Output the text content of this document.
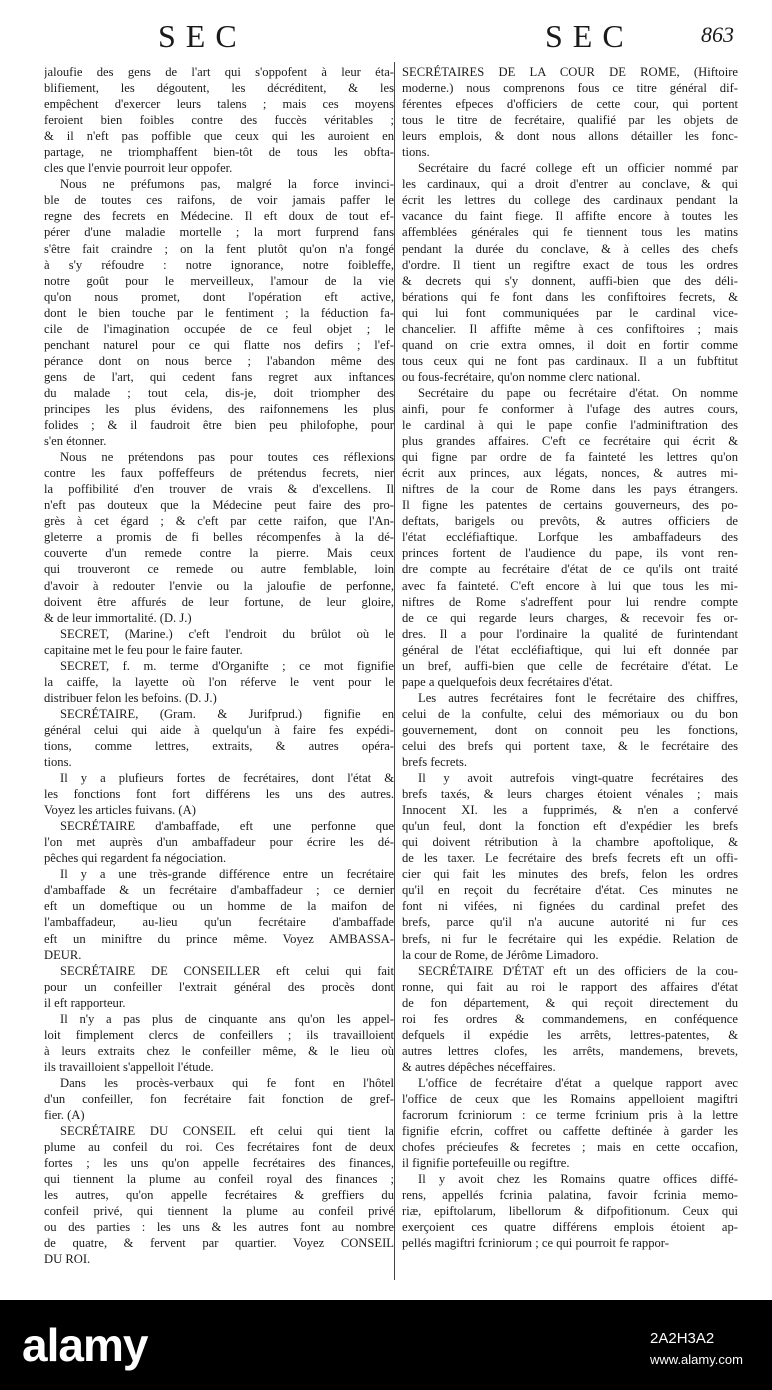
SEC	SEC	863

jaloufie des gens de l'art qui s'oppofent à leur éta-
blifiement, les dégoutent, les décréditent, & les
empêchent d'exercer leurs talens ; mais ces moyens
feroient bien foibles contre des fuccès véritables ;
& il n'eft pas poffible que ceux qui les auroient en
partage, ne triomphaffent bien-tôt de tous les obfta-
cles que l'envie pourroit leur oppofer.

Nous ne préfumons pas, malgré la force invinci-
ble de toutes ces raifons, de voir jamais paffer le
regne des fecrets en Médecine. Il eft doux de tout ef-
pérer d'une maladie mortelle ; la mort furprend fans
s'être fait craindre ; on la fent plutôt qu'on n'a fongé
à s'y réfoudre : notre ignorance, notre foibleffe,
notre goût pour le merveilleux, l'amour de la vie
qu'on nous promet, dont l'opération eft active,
dont le bien touche par le fentiment ; la féduction fa-
cile de l'imagination occupée de ce feul objet ; le
penchant naturel pour ce qui flatte nos defirs ; l'ef-
pérance dont on nous berce ; l'abandon même des
gens de l'art, qui cedent fans regret aux inftances
du malade ; tout cela, dis-je, doit triompher des
principes les plus évidens, des raifonnemens les plus
folides ; & il faudroit être bien peu philofophe, pour
s'en étonner.

Nous ne prétendons pas pour toutes ces réflexions
contre les faux poffeffeurs de prétendus fecrets, nier
la poffibilité d'en trouver de vrais & d'excellens. Il
n'eft pas douteux que la Médecine peut faire des pro-
grès à cet égard ; & c'eft par cette raifon, que l'An-
gleterre a promis de fi belles récompenfes à la dé-
couverte d'un remede contre la pierre. Mais ceux
qui trouveront ce remede ou autre femblable, loin
d'avoir à redouter l'envie ou la jaloufie de perfonne,
doivent être affurés de leur fortune, de leur gloire,
& de leur immortalité. (D. J.)

SECRET, (Marine.) c'eft l'endroit du brûlot où le
capitaine met le feu pour le faire fauter.

SECRET, f. m. terme d'Organifte ; ce mot fignifie
la caiffe, la layette où l'on réferve le vent pour le
distribuer felon les befoins. (D. J.)

SECRÉTAIRE, (Gram. & Jurifprud.) fignifie en
général celui qui aide à quelqu'un à faire fes expédi-
tions, comme lettres, extraits, & autres opéra-
tions.

Il y a plufieurs fortes de fecrétaires, dont l'état &
les fonctions font fort différens les uns des autres.
Voyez les articles fuivans. (A)

SECRÉTAIRE d'ambaffade, eft une perfonne que
l'on met auprès d'un ambaffadeur pour écrire les dé-
pêches qui regardent fa négociation.

Il y a une très-grande différence entre un fecrétaire
d'ambaffade & un fecrétaire d'ambaffadeur ; ce dernier
eft un domeftique ou un homme de la maifon de
l'ambaffadeur, au-lieu qu'un fecrétaire d'ambaffade
eft un miniftre du prince même. Voyez AMBASSA-
DEUR.

SECRÉTAIRE DE CONSEILLER eft celui qui fait
pour un confeiller l'extrait général des procès dont
il eft rapporteur.

Il n'y a pas plus de cinquante ans qu'on les appel-
loit fimplement clercs de confeillers ; ils travailloient
à leurs extraits chez le confeiller même, & le lieu où
ils travailloient s'appelloit l'étude.

Dans les procès-verbaux qui fe font en l'hôtel
d'un confeiller, fon fecrétaire fait fonction de gref-
fier. (A)

SECRÉTAIRE DU CONSEIL eft celui qui tient la
plume au confeil du roi. Ces fecrétaires font de deux
fortes ; les uns qu'on appelle fecrétaires des finances,
qui tiennent la plume au confeil royal des finances ;
les autres, qu'on appelle fecrétaires & greffiers du
confeil privé, qui tiennent la plume au confeil privé
ou des parties : les uns & les autres font au nombre
de quatre, & fervent par quartier. Voyez CONSEIL
DU ROI.

SECRÉTAIRES DE LA COUR DE ROME, (Hiftoire
moderne.) nous comprenons fous ce titre général dif-
férentes efpeces d'officiers de cette cour, qui portent
tous le titre de fecrétaire, qualifié par les objets de
leurs emplois, & dont nous allons détailler les fonc-
tions.

Secrétaire du facré college eft un officier nommé par
les cardinaux, qui a droit d'entrer au conclave, & qui
écrit les lettres du college des cardinaux pendant la
vacance du faint fiege. Il affifte encore à toutes les
affemblées générales qui fe tiennent tous les matins
pendant la durée du conclave, & à celles des chefs
d'ordre. Il tient un regiftre exact de tous les ordres
& decrets qui s'y donnent, auffi-bien que des déli-
bérations qui fe font dans les confiftoires fecrets, &
qui lui font communiquées par le cardinal vice-
chancelier. Il affifte même à ces confiftoires ; mais
quand on crie extra omnes, il doit en fortir comme
tous ceux qui ne font pas cardinaux. Il a un fubftitut
ou fous-fecrétaire, qu'on nomme clerc national.

Secrétaire du pape ou fecrétaire d'état. On nomme
ainfi, pour fe conformer à l'ufage des autres cours,
le cardinal à qui le pape confie l'adminiftration des
plus grandes affaires. C'eft ce fecrétaire qui écrit &
qui figne par ordre de fa fainteté les lettres qu'on
écrit aux princes, aux légats, nonces, & autres mi-
niftres de la cour de Rome dans les pays étrangers.
Il figne les patentes de certains gouverneurs, des po-
deftats, barigels ou prevôts, & autres officiers de
l'état eccléfiaftique. Lorfque les ambaffadeurs des
princes fortent de l'audience du pape, ils vont ren-
dre compte au fecrétaire d'état de ce qu'ils ont traité
avec fa fainteté. C'eft encore à lui que tous les mi-
niftres de Rome s'adreffent pour lui rendre compte
de ce qui regarde leurs charges, & recevoir fes or-
dres. Il a pour l'ordinaire la qualité de furintendant
général de l'état eccléfiaftique, qui lui eft donnée par
un bref, auffi-bien que celle de fecrétaire d'état. Le
pape a quelquefois deux fecrétaires d'état.

Les autres fecrétaires font le fecrétaire des chiffres,
celui de la confulte, celui des mémoriaux ou du bon
gouvernement, dont on connoit peu les fonctions,
celui des brefs qui portent taxe, & le fecrétaire des
brefs fecrets.

Il y avoit autrefois vingt-quatre fecrétaires des
brefs taxés, & leurs charges étoient vénales ; mais
Innocent XI. les a fupprimés, & n'en a confervé
qu'un feul, dont la fonction eft d'expédier les brefs
qui doivent rétribution à la chambre apoftolique, &
de les taxer. Le fecrétaire des brefs fecrets eft un offi-
cier qui fait les minutes des brefs, felon les ordres
qu'il en reçoit du fecrétaire d'état. Ces minutes ne
font ni vifées, ni fignées du cardinal prefet des
brefs, parce qu'il n'a aucune autorité ni fur ces
brefs, ni fur le fecrétaire qui les expédie. Relation de
la cour de Rome, de Jérôme Limadoro.

SECRÉTAIRE D'ÉTAT eft un des officiers de la cou-
ronne, qui fait au roi le rapport des affaires d'état
de fon département, & qui reçoit directement du
roi fes ordres & commandemens, en conféquence
defquels il expédie les arrêts, lettres-patentes, &
autres lettres clofes, les arrêts, mandemens, brevets,
& autres dépêches néceffaires.

L'office de fecrétaire d'état a quelque rapport avec
l'office de ceux que les Romains appelloient magiftri
facrorum fcriniorum : ce terme fcrinium pris à la lettre
fignifie efcrin, coffret ou caffette deftinée à garder les
chofes précieufes & fecretes ; mais en cette occafion,
il fignifie portefeuille ou regiftre.

Il y avoit chez les Romains quatre offices diffé-
rens, appellés fcrinia palatina, favoir fcrinia memo-
riæ, epiftolarum, libellorum & difpofitionum. Ceux qui
exerçoient ces quatre différens emplois étoient ap-
pellés magiftri fcriniorum ; ce qui pourroit fe rappor-

alamy	2A2H3A2
www.alamy.com
